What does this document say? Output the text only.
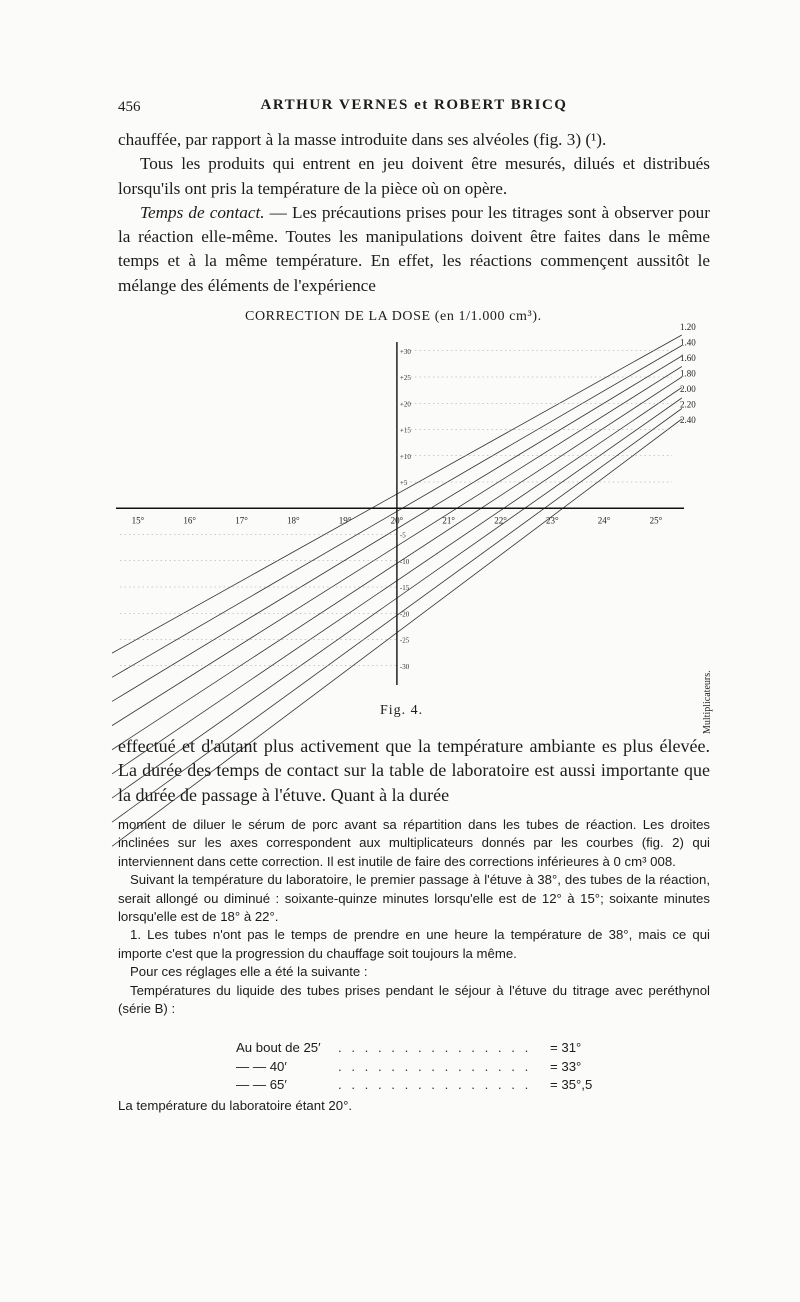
456	ARTHUR VERNES et ROBERT BRICQ

chauffée, par rapport à la masse introduite dans ses alvéoles (fig. 3) (¹).

Tous les produits qui entrent en jeu doivent être mesurés, dilués et distribués lorsqu'ils ont pris la température de la pièce où on opère.

Temps de contact. — Les précautions prises pour les titrages sont à observer pour la réaction elle-même. Toutes les manipulations doivent être faites dans le même temps et à la même température. En effet, les réactions commençent aussitôt le mélange des éléments de l'expérience

CORRECTION DE LA DOSE (en 1/1.000 cm³).
15°	16°	17°	18°	19°	20°	21°	22°	23°	24°	25°
+30
+25
+20
+15
+10
+5
-5
-10
-15
-20
-25
-30
1.20
1.40
1.60
1.80
2.00
2.20
2.40
Multiplicateurs.
Fig. 4.

effectué et d'autant plus activement que la température ambiante es plus élevée. La durée des temps de contact sur la table de laboratoire est aussi importante que la durée de passage à l'étuve. Quant à la durée

moment de diluer le sérum de porc avant sa répartition dans les tubes de réaction. Les droites inclinées sur les axes correspondent aux multiplicateurs donnés par les courbes (fig. 2) qui interviennent dans cette correction. Il est inutile de faire des corrections inférieures à 0 cm³ 008.

Suivant la température du laboratoire, le premier passage à l'étuve à 38°, des tubes de la réaction, serait allongé ou diminué : soixante-quinze minutes lorsqu'elle est de 12° à 15°; soixante minutes lorsqu'elle est de 18° à 22°.

1. Les tubes n'ont pas le temps de prendre en une heure la température de 38°, mais ce qui importe c'est que la progression du chauffage soit toujours la même.

Pour ces réglages elle a été la suivante :

Températures du liquide des tubes prises pendant le séjour à l'étuve du titrage avec peréthynol (série B) :

Au bout de 25′ . . . . . . . . . . . . . . . = 31°
— — 40′	. . . . . . . . . . . . . . . = 33°
— — 65′	. . . . . . . . . . . . . . . = 35°,5

La température du laboratoire étant 20°.
